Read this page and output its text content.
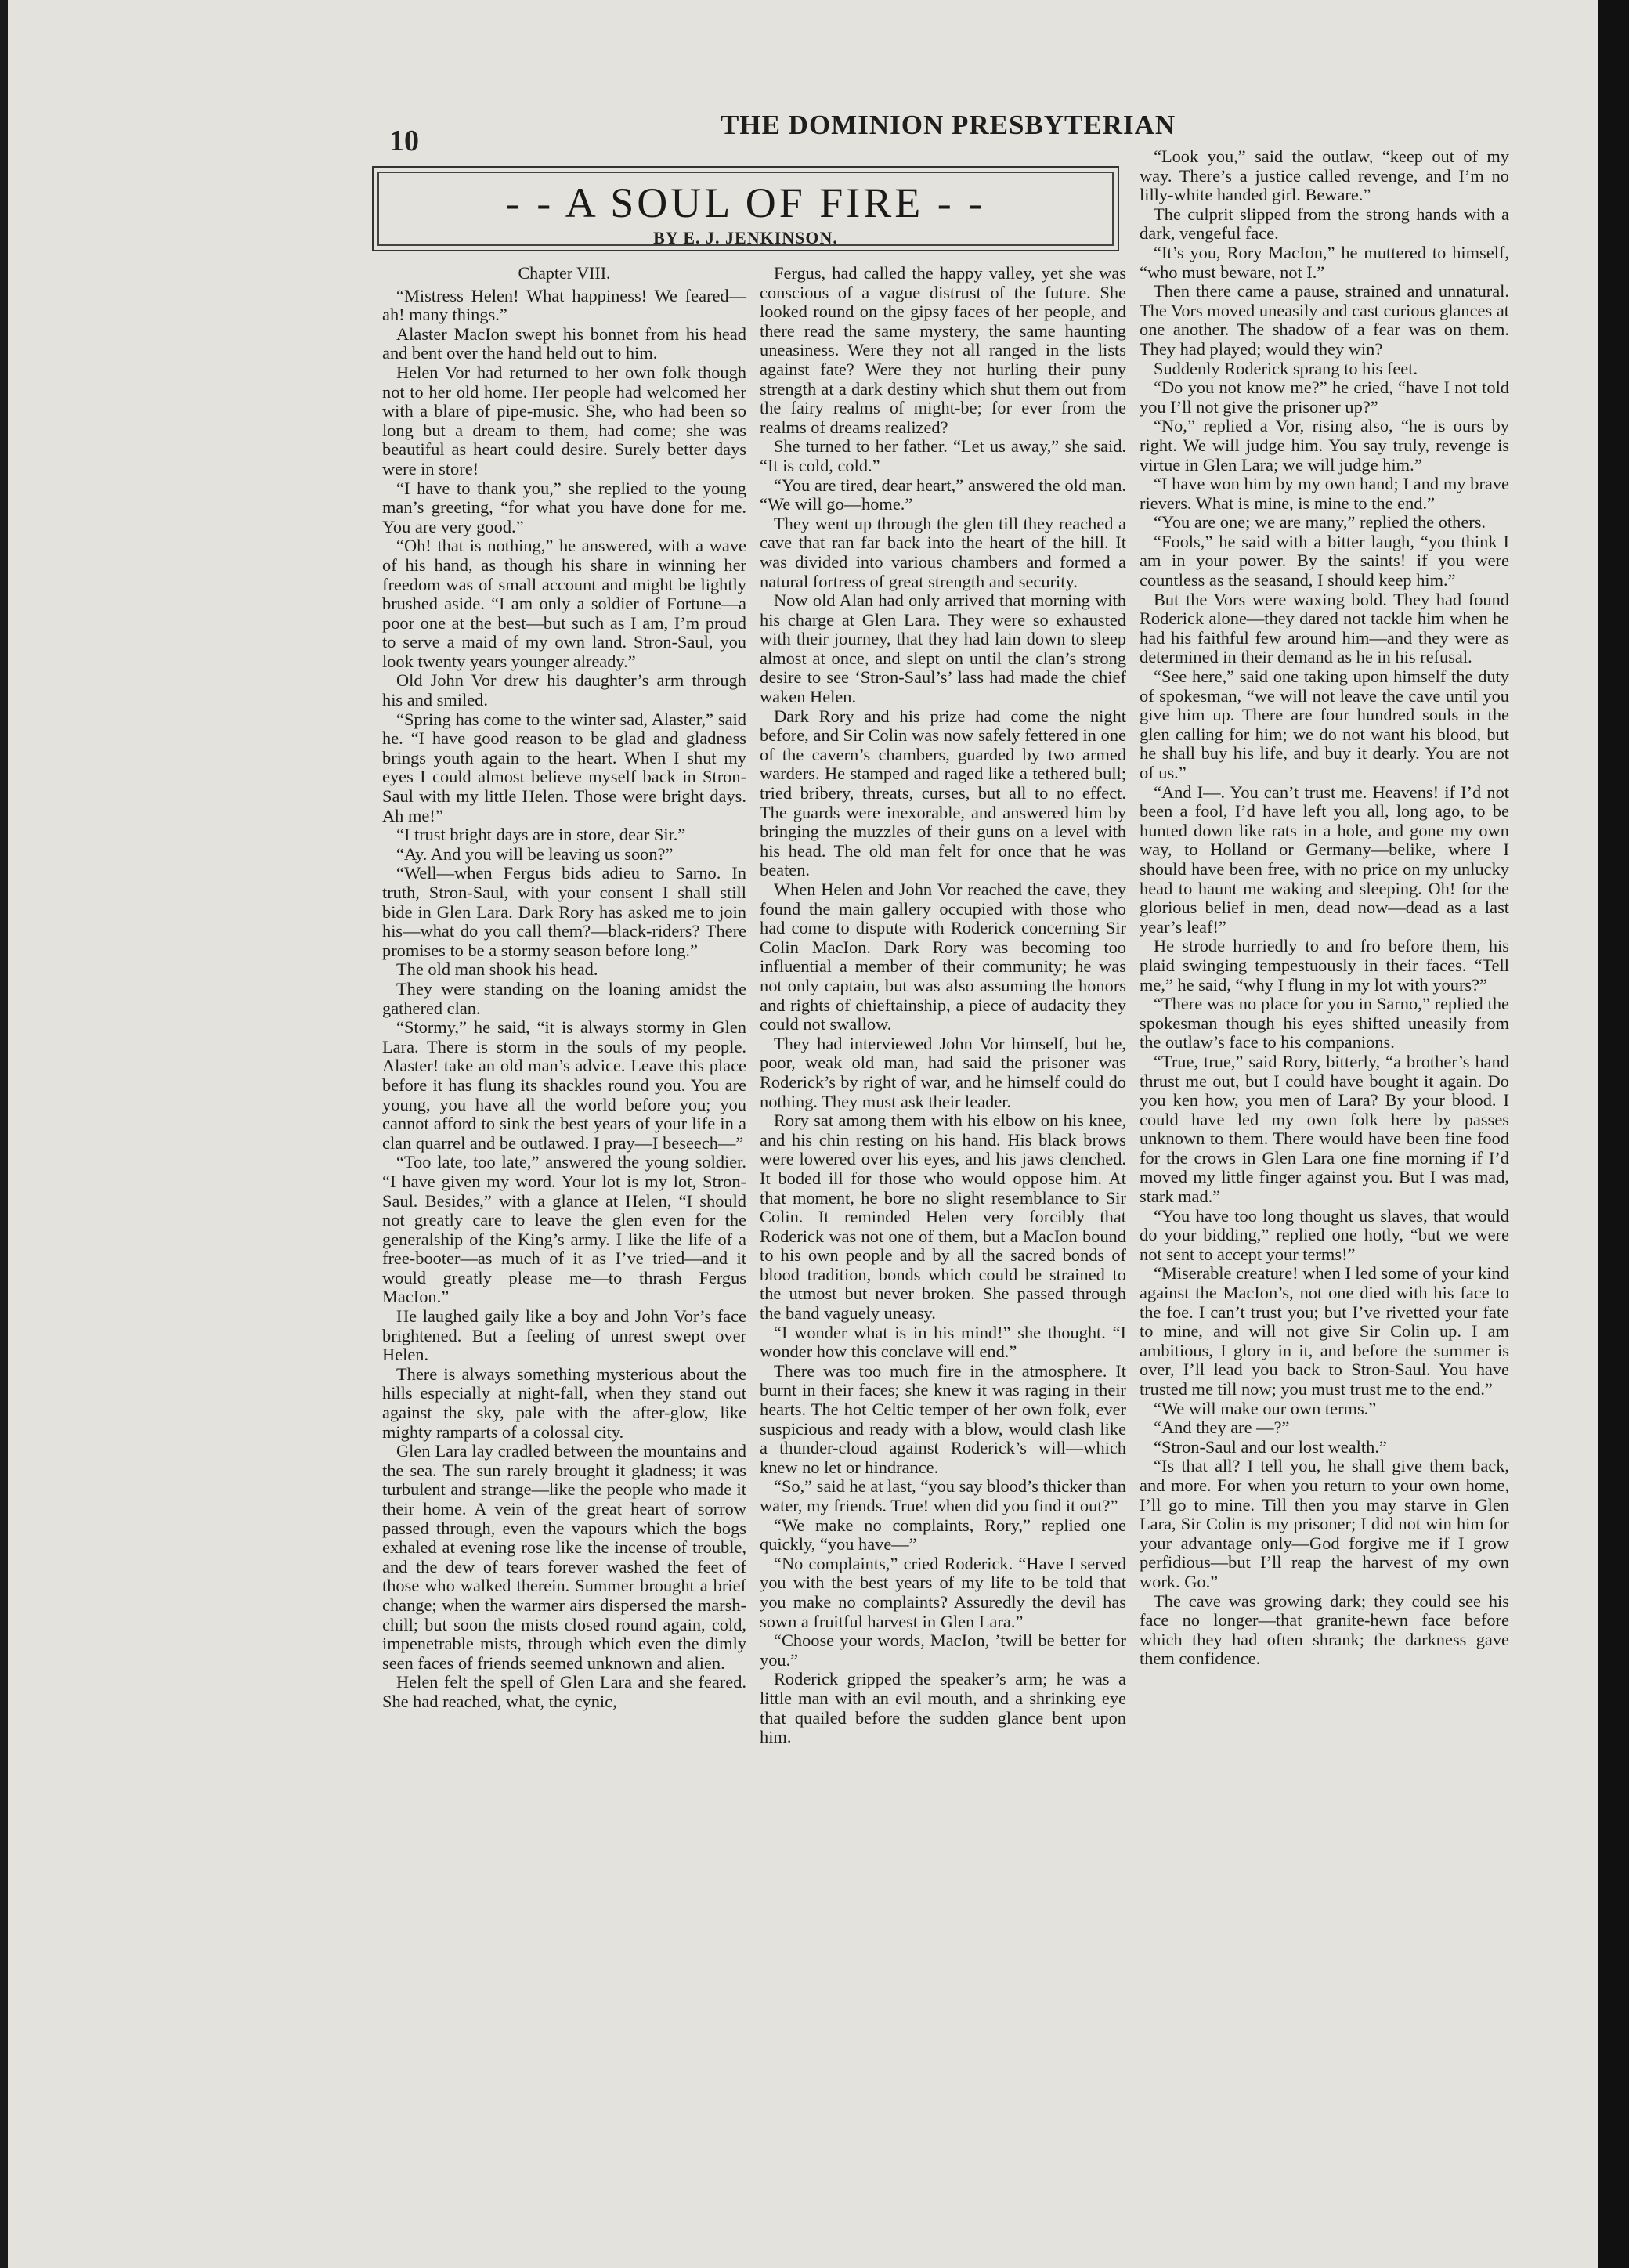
10	THE DOMINION PRESBYTERIAN
- - A SOUL OF FIRE - -
BY E. J. JENKINSON.

Chapter VIII.

“Mistress Helen! What happiness! We feared—ah! many things.”

Alaster MacIon swept his bonnet from his head and bent over the hand held out to him.

Helen Vor had returned to her own folk though not to her old home. Her people had welcomed her with a blare of pipe-music. She, who had been so long but a dream to them, had come; she was beautiful as heart could desire. Surely better days were in store!

“I have to thank you,” she replied to the young man’s greeting, “for what you have done for me. You are very good.”

“Oh! that is nothing,” he answered, with a wave of his hand, as though his share in winning her freedom was of small account and might be lightly brushed aside. “I am only a soldier of Fortune—a poor one at the best—but such as I am, I’m proud to serve a maid of my own land. Stron-Saul, you look twenty years younger already.”

Old John Vor drew his daughter’s arm through his and smiled.

“Spring has come to the winter sad, Alaster,” said he. “I have good reason to be glad and gladness brings youth again to the heart. When I shut my eyes I could almost believe myself back in Stron-Saul with my little Helen. Those were bright days. Ah me!”

“I trust bright days are in store, dear Sir.”

“Ay. And you will be leaving us soon?”

“Well—when Fergus bids adieu to Sarno. In truth, Stron-Saul, with your consent I shall still bide in Glen Lara. Dark Rory has asked me to join his—what do you call them?—black-riders? There promises to be a stormy season before long.”

The old man shook his head.

They were standing on the loaning amidst the gathered clan.

“Stormy,” he said, “it is always stormy in Glen Lara. There is storm in the souls of my people. Alaster! take an old man’s advice. Leave this place before it has flung its shackles round you. You are young, you have all the world before you; you cannot afford to sink the best years of your life in a clan quarrel and be outlawed. I pray—I beseech—”

“Too late, too late,” answered the young soldier. “I have given my word. Your lot is my lot, Stron-Saul. Besides,” with a glance at Helen, “I should not greatly care to leave the glen even for the generalship of the King’s army. I like the life of a free-booter—as much of it as I’ve tried—and it would greatly please me—to thrash Fergus MacIon.”

He laughed gaily like a boy and John Vor’s face brightened. But a feeling of unrest swept over Helen.

There is always something mysterious about the hills especially at night-fall, when they stand out against the sky, pale with the after-glow, like mighty ramparts of a colossal city.

Glen Lara lay cradled between the mountains and the sea. The sun rarely brought it gladness; it was turbulent and strange—like the people who made it their home. A vein of the great heart of sorrow passed through, even the vapours which the bogs exhaled at evening rose like the incense of trouble, and the dew of tears forever washed the feet of those who walked therein. Summer brought a brief change; when the warmer airs dispersed the marsh-chill; but soon the mists closed round again, cold, impenetrable mists, through which even the dimly seen faces of friends seemed unknown and alien.

Helen felt the spell of Glen Lara and she feared. She had reached, what, the cynic,

Fergus, had called the happy valley, yet she was conscious of a vague distrust of the future. She looked round on the gipsy faces of her people, and there read the same mystery, the same haunting uneasiness. Were they not all ranged in the lists against fate? Were they not hurling their puny strength at a dark destiny which shut them out from the fairy realms of might-be; for ever from the realms of dreams realized?

She turned to her father. “Let us away,” she said. “It is cold, cold.”

“You are tired, dear heart,” answered the old man. “We will go—home.”

They went up through the glen till they reached a cave that ran far back into the heart of the hill. It was divided into various chambers and formed a natural fortress of great strength and security.

Now old Alan had only arrived that morning with his charge at Glen Lara. They were so exhausted with their journey, that they had lain down to sleep almost at once, and slept on until the clan’s strong desire to see ‘Stron-Saul’s’ lass had made the chief waken Helen.

Dark Rory and his prize had come the night before, and Sir Colin was now safely fettered in one of the cavern’s chambers, guarded by two armed warders. He stamped and raged like a tethered bull; tried bribery, threats, curses, but all to no effect. The guards were inexorable, and answered him by bringing the muzzles of their guns on a level with his head. The old man felt for once that he was beaten.

When Helen and John Vor reached the cave, they found the main gallery occupied with those who had come to dispute with Roderick concerning Sir Colin MacIon. Dark Rory was becoming too influential a member of their community; he was not only captain, but was also assuming the honors and rights of chieftainship, a piece of audacity they could not swallow.

They had interviewed John Vor himself, but he, poor, weak old man, had said the prisoner was Roderick’s by right of war, and he himself could do nothing. They must ask their leader.

Rory sat among them with his elbow on his knee, and his chin resting on his hand. His black brows were lowered over his eyes, and his jaws clenched. It boded ill for those who would oppose him. At that moment, he bore no slight resemblance to Sir Colin. It reminded Helen very forcibly that Roderick was not one of them, but a MacIon bound to his own people and by all the sacred bonds of blood tradition, bonds which could be strained to the utmost but never broken. She passed through the band vaguely uneasy.

“I wonder what is in his mind!” she thought. “I wonder how this conclave will end.”

There was too much fire in the atmosphere. It burnt in their faces; she knew it was raging in their hearts. The hot Celtic temper of her own folk, ever suspicious and ready with a blow, would clash like a thunder-cloud against Roderick’s will—which knew no let or hindrance.

“So,” said he at last, “you say blood’s thicker than water, my friends. True! when did you find it out?”

“We make no complaints, Rory,” replied one quickly, “you have—”

“No complaints,” cried Roderick. “Have I served you with the best years of my life to be told that you make no complaints? Assuredly the devil has sown a fruitful harvest in Glen Lara.”

“Choose your words, MacIon, ’twill be better for you.”

Roderick gripped the speaker’s arm; he was a little man with an evil mouth, and a shrinking eye that quailed before the sudden glance bent upon him.

“Look you,” said the outlaw, “keep out of my way. There’s a justice called revenge, and I’m no lilly-white handed girl. Beware.”

The culprit slipped from the strong hands with a dark, vengeful face.

“It’s you, Rory MacIon,” he muttered to himself, “who must beware, not I.”

Then there came a pause, strained and unnatural. The Vors moved uneasily and cast curious glances at one another. The shadow of a fear was on them. They had played; would they win?

Suddenly Roderick sprang to his feet.

“Do you not know me?” he cried, “have I not told you I’ll not give the prisoner up?”

“No,” replied a Vor, rising also, “he is ours by right. We will judge him. You say truly, revenge is virtue in Glen Lara; we will judge him.”

“I have won him by my own hand; I and my brave rievers. What is mine, is mine to the end.”

“You are one; we are many,” replied the others.

“Fools,” he said with a bitter laugh, “you think I am in your power. By the saints! if you were countless as the seasand, I should keep him.”

But the Vors were waxing bold. They had found Roderick alone—they dared not tackle him when he had his faithful few around him—and they were as determined in their demand as he in his refusal.

“See here,” said one taking upon himself the duty of spokesman, “we will not leave the cave until you give him up. There are four hundred souls in the glen calling for him; we do not want his blood, but he shall buy his life, and buy it dearly. You are not of us.”

“And I—. You can’t trust me. Heavens! if I’d not been a fool, I’d have left you all, long ago, to be hunted down like rats in a hole, and gone my own way, to Holland or Germany—belike, where I should have been free, with no price on my unlucky head to haunt me waking and sleeping. Oh! for the glorious belief in men, dead now—dead as a last year’s leaf!”

He strode hurriedly to and fro before them, his plaid swinging tempestuously in their faces. “Tell me,” he said, “why I flung in my lot with yours?”

“There was no place for you in Sarno,” replied the spokesman though his eyes shifted uneasily from the outlaw’s face to his companions.

“True, true,” said Rory, bitterly, “a brother’s hand thrust me out, but I could have bought it again. Do you ken how, you men of Lara? By your blood. I could have led my own folk here by passes unknown to them. There would have been fine food for the crows in Glen Lara one fine morning if I’d moved my little finger against you. But I was mad, stark mad.”

“You have too long thought us slaves, that would do your bidding,” replied one hotly, “but we were not sent to accept your terms!”

“Miserable creature! when I led some of your kind against the MacIon’s, not one died with his face to the foe. I can’t trust you; but I’ve rivetted your fate to mine, and will not give Sir Colin up. I am ambitious, I glory in it, and before the summer is over, I’ll lead you back to Stron-Saul. You have trusted me till now; you must trust me to the end.”

“We will make our own terms.”

“And they are —?”

“Stron-Saul and our lost wealth.”

“Is that all? I tell you, he shall give them back, and more. For when you return to your own home, I’ll go to mine. Till then you may starve in Glen Lara, Sir Colin is my prisoner; I did not win him for your advantage only—God forgive me if I grow perfidious—but I’ll reap the harvest of my own work. Go.”

The cave was growing dark; they could see his face no longer—that granite-hewn face before which they had often shrank; the darkness gave them confidence.
